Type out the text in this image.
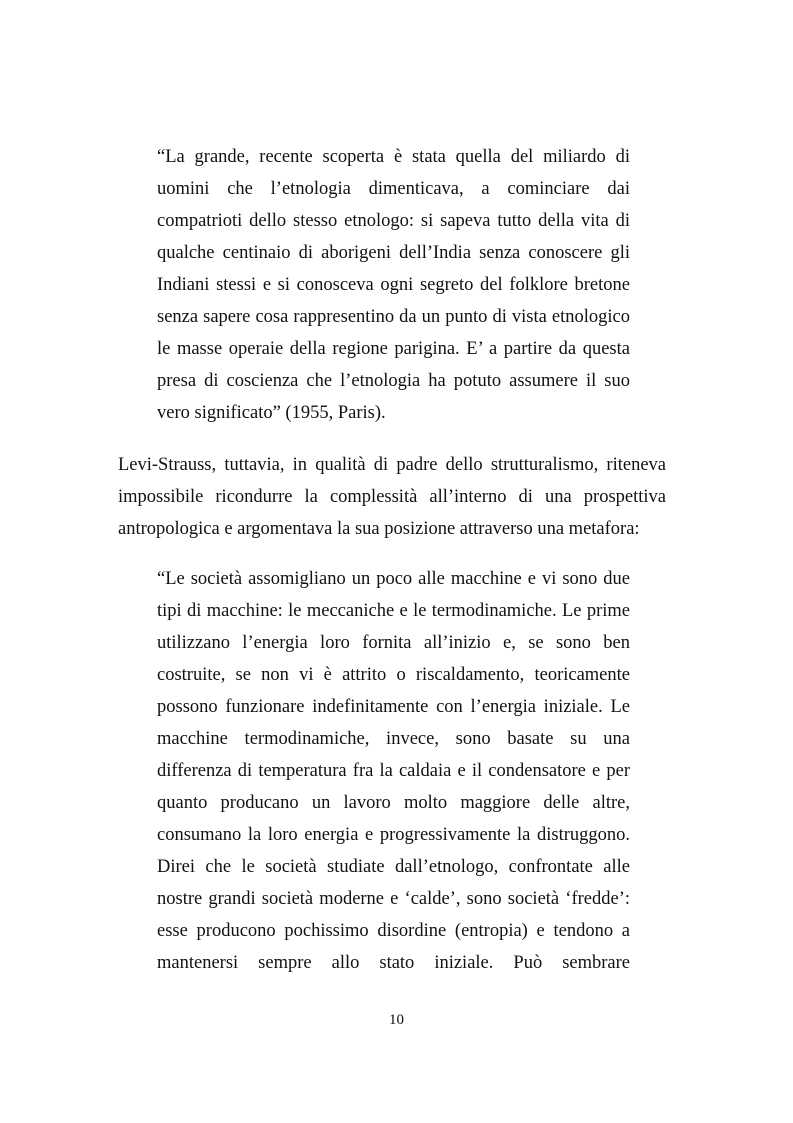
“La grande, recente scoperta è stata quella del miliardo di
uomini che l’etnologia dimenticava, a cominciare dai
compatrioti dello stesso etnologo: si sapeva tutto della vita di
qualche centinaio di aborigeni dell’India senza conoscere gli
Indiani stessi e si conosceva ogni segreto del folklore bretone
senza sapere cosa rappresentino da un punto di vista etnologico
le masse operaie della regione parigina. E’ a partire da questa
presa di coscienza che l’etnologia ha potuto assumere il suo
vero significato” (1955, Paris).
Levi-Strauss, tuttavia, in qualità di padre dello strutturalismo, riteneva
impossibile ricondurre la complessità all’interno di una prospettiva
antropologica e argomentava la sua posizione attraverso una metafora:
“Le società assomigliano un poco alle macchine e vi sono due
tipi di macchine: le meccaniche e le termodinamiche. Le prime
utilizzano l’energia loro fornita all’inizio e, se sono ben
costruite, se non vi è attrito o riscaldamento, teoricamente
possono funzionare indefinitamente con l’energia iniziale. Le
macchine termodinamiche, invece, sono basate su una
differenza di temperatura fra la caldaia e il condensatore e per
quanto producano un lavoro molto maggiore delle altre,
consumano la loro energia e progressivamente la distruggono.
Direi che le società studiate dall’etnologo, confrontate alle
nostre grandi società moderne e ‘calde’, sono società ‘fredde’:
esse producono pochissimo disordine (entropia) e tendono a
mantenersi sempre allo stato iniziale. Può sembrare
10
